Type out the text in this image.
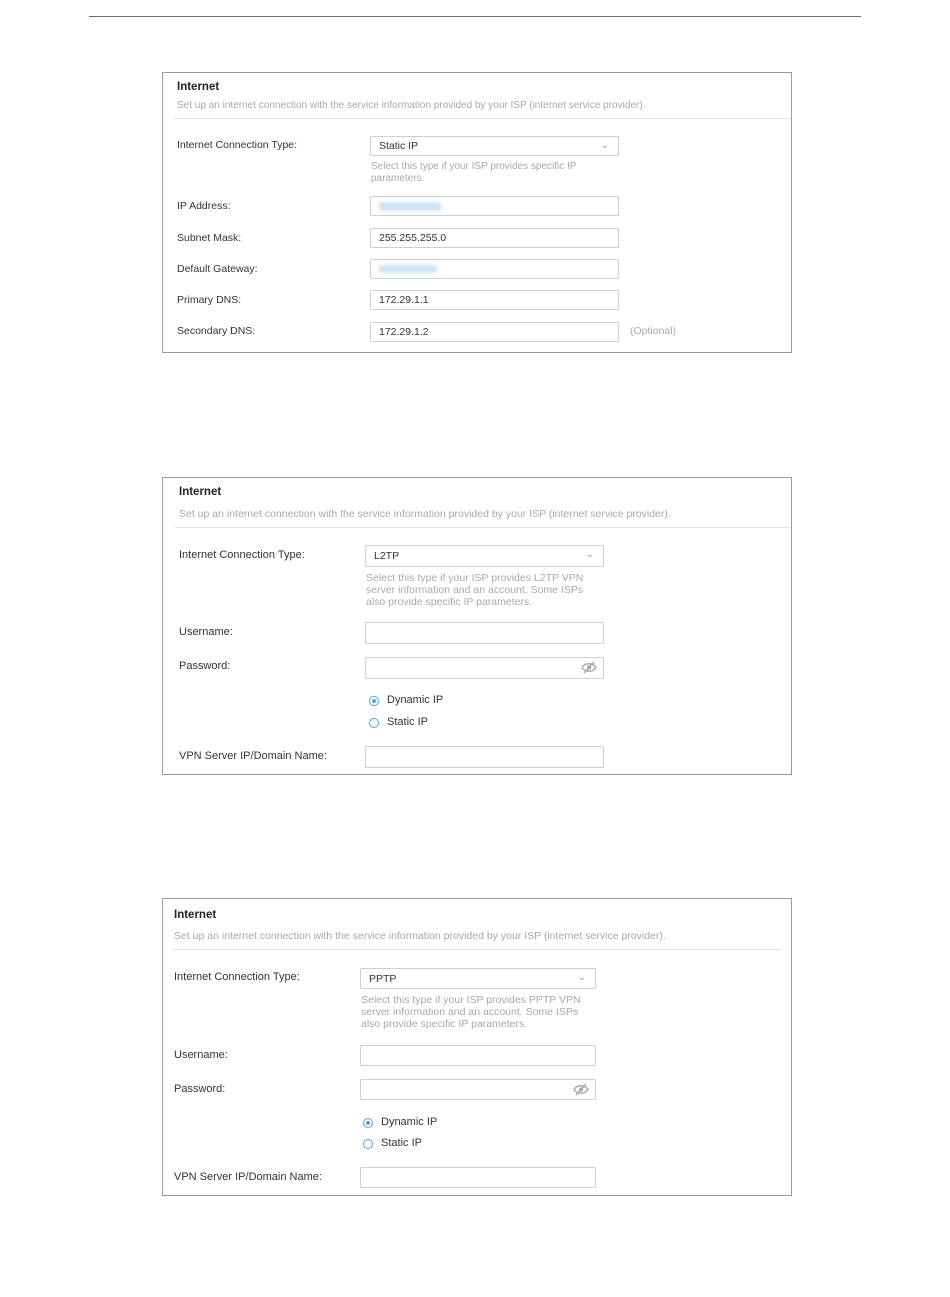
Internet
Set up an internet connection with the service information provided by your ISP (internet service provider).
Internet Connection Type:	Static IP	⌄
Select this type if your ISP provides specific IP
parameters.
IP Address:
Subnet Mask:	255.255.255.0
Default Gateway:
Primary DNS:	172.29.1.1
Secondary DNS:	172.29.1.2	(Optional)
Internet
Set up an internet connection with the service information provided by your ISP (internet service provider).
Internet Connection Type:	L2TP	⌄
Select this type if your ISP provides L2TP VPN
server information and an account. Some ISPs
also provide specific IP parameters.
Username:
Password:
Dynamic IP
Static IP
VPN Server IP/Domain Name:
Internet
Set up an internet connection with the service information provided by your ISP (internet service provider).
Internet Connection Type:	PPTP	⌄
Select this type if your ISP provides PPTP VPN
server information and an account. Some ISPs
also provide specific IP parameters.
Username:
Password:
Dynamic IP
Static IP
VPN Server IP/Domain Name:
